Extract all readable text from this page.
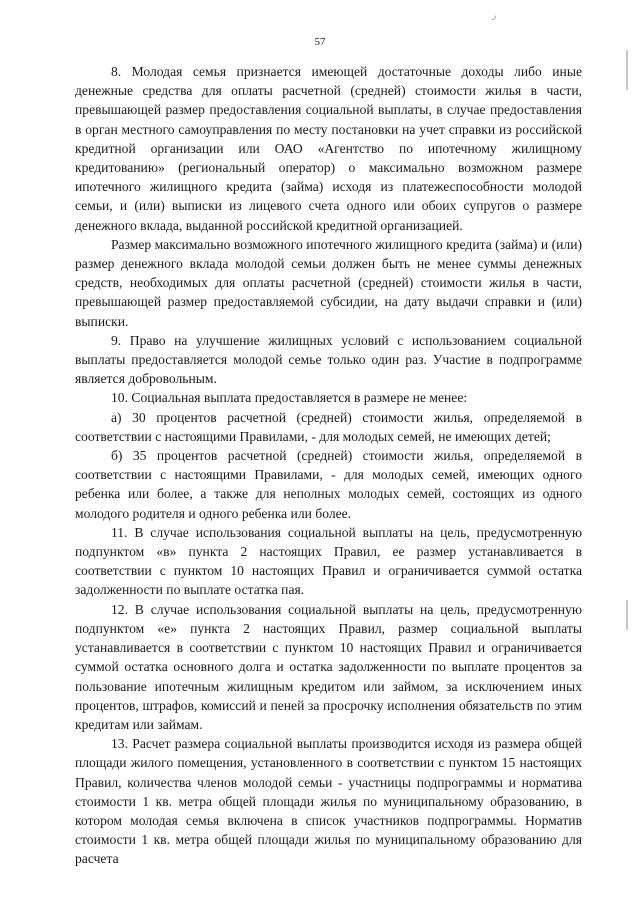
ر
57

8. Молодая семья признается имеющей достаточные доходы либо иные денежные средства для оплаты расчетной (средней) стоимости жилья в части, превышающей размер предоставления социальной выплаты, в случае предоставления в орган местного самоуправления по месту постановки на учет справки из российской кредитной организации или ОАО «Агентство по ипотечному жилищному кредитованию» (региональный оператор) о максимально возможном размере ипотечного жилищного кредита (займа) исходя из платежеспособности молодой семьи, и (или) выписки из лицевого счета одного или обоих супругов о размере денежного вклада, выданной российской кредитной организацией.

Размер максимально возможного ипотечного жилищного кредита (займа) и (или) размер денежного вклада молодой семьи должен быть не менее суммы денежных средств, необходимых для оплаты расчетной (средней) стоимости жилья в части, превышающей размер предоставляемой субсидии, на дату выдачи справки и (или) выписки.

9. Право на улучшение жилищных условий с использованием социальной выплаты предоставляется молодой семье только один раз. Участие в подпрограмме является добровольным.

10. Социальная выплата предоставляется в размере не менее:

а) 30 процентов расчетной (средней) стоимости жилья, определяемой в соответствии с настоящими Правилами, - для молодых семей, не имеющих детей;

б) 35 процентов расчетной (средней) стоимости жилья, определяемой в соответствии с настоящими Правилами, - для молодых семей, имеющих одного ребенка или более, а также для неполных молодых семей, состоящих из одного молодого родителя и одного ребенка или более.

11. В случае использования социальной выплаты на цель, предусмотренную подпунктом «в» пункта 2 настоящих Правил, ее размер устанавливается в соответствии с пунктом 10 настоящих Правил и ограничивается суммой остатка задолженности по выплате остатка пая.

12. В случае использования социальной выплаты на цель, предусмотренную подпунктом «е» пункта 2 настоящих Правил, размер социальной выплаты устанавливается в соответствии с пунктом 10 настоящих Правил и ограничивается суммой остатка основного долга и остатка задолженности по выплате процентов за пользование ипотечным жилищным кредитом или займом, за исключением иных процентов, штрафов, комиссий и пеней за просрочку исполнения обязательств по этим кредитам или займам.

13. Расчет размера социальной выплаты производится исходя из размера общей площади жилого помещения, установленного в соответствии с пунктом 15 настоящих Правил, количества членов молодой семьи - участницы подпрограммы и норматива стоимости 1 кв. метра общей площади жилья по муниципальному образованию, в котором молодая семья включена в список участников подпрограммы. Норматив стоимости 1 кв. метра общей площади жилья по муниципальному образованию для расчета
